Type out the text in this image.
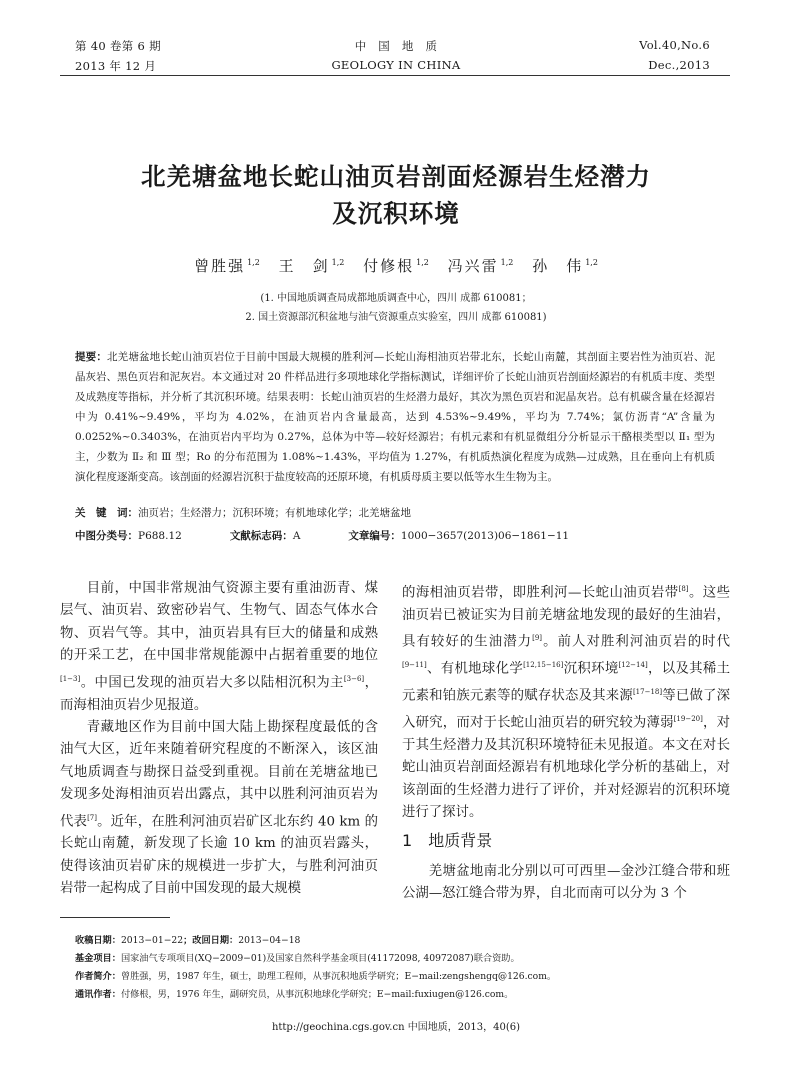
第 40 卷第 6 期
2013 年 12 月
中　国　地　质
GEOLOGY IN CHINA
Vol.40,No.6
Dec.,2013
北羌塘盆地长蛇山油页岩剖面烃源岩生烃潜力
及沉积环境
曾胜强 $^{1,2}$ 王　剑 $^{1,2}$ 付修根 $^{1,2}$ 冯兴雷 $^{1,2}$ 孙　伟 $^{1,2}$
(1. 中国地质调查局成都地质调查中心，四川 成都 610081；
2. 国土资源部沉积盆地与油气资源重点实验室，四川 成都 610081)
提要：北羌塘盆地长蛇山油页岩位于目前中国最大规模的胜利河—长蛇山海相油页岩带北东，长蛇山南麓，其剖面主要岩性为油页岩、泥晶灰岩、黑色页岩和泥灰岩。本文通过对 20 件样品进行多项地球化学指标测试，详细评价了长蛇山油页岩剖面烃源岩的有机质丰度、类型及成熟度等指标，并分析了其沉积环境。结果表明：长蛇山油页岩的生烃潜力最好，其次为黑色页岩和泥晶灰岩。总有机碳含量在烃源岩中为 0.41%~9.49%，平均为 4.02%，在油页岩内含量最高，达到 4.53%~9.49%，平均为 7.74%；氯仿沥青“A”含量为 0.0252%~0.3403%，在油页岩内平均为 0.27%，总体为中等—较好烃源岩；有机元素和有机显微组分分析显示干酪根类型以 Ⅱ₁ 型为主，少数为 Ⅱ₂ 和 Ⅲ 型；Ro 的分布范围为 1.08%~1.43%，平均值为 1.27%，有机质热演化程度为成熟—过成熟，且在垂向上有机质演化程度逐渐变高。该剖面的烃源岩沉积于盐度较高的还原环境，有机质母质主要以低等水生生物为主。
关　键　词：油页岩；生烃潜力；沉积环境；有机地球化学；北羌塘盆地
中图分类号：P688.12	文献标志码：A	文章编号：1000−3657(2013)06−1861−11

目前，中国非常规油气资源主要有重油沥青、煤层气、油页岩、致密砂岩气、生物气、固态气体水合物、页岩气等。其中，油页岩具有巨大的储量和成熟的开采工艺，在中国非常规能源中占据着重要的地位[1−3]。中国已发现的油页岩大多以陆相沉积为主[3−6]，而海相油页岩少见报道。

青藏地区作为目前中国大陆上勘探程度最低的含油气大区，近年来随着研究程度的不断深入，该区油气地质调查与勘探日益受到重视。目前在羌塘盆地已发现多处海相油页岩出露点，其中以胜利河油页岩为代表[7]。近年，在胜利河油页岩矿区北东约 40 km 的长蛇山南麓，新发现了长逾 10 km 的油页岩露头，使得该油页岩矿床的规模进一步扩大，与胜利河油页岩带一起构成了目前中国发现的最大规模

的海相油页岩带，即胜利河—长蛇山油页岩带[8]。这些油页岩已被证实为目前羌塘盆地发现的最好的生油岩，具有较好的生油潜力[9]。前人对胜利河油页岩的时代[9−11]、有机地球化学[12,15−16]沉积环境[12−14]，以及其稀土元素和铂族元素等的赋存状态及其来源[17−18]等已做了深入研究，而对于长蛇山油页岩的研究较为薄弱[19−20]，对于其生烃潜力及其沉积环境特征未见报道。本文在对长蛇山油页岩剖面烃源岩有机地球化学分析的基础上，对该剖面的生烃潜力进行了评价，并对烃源岩的沉积环境进行了探讨。

1 地质背景

羌塘盆地南北分别以可可西里—金沙江缝合带和班公湖—怒江缝合带为界，自北而南可以分为 3 个

收稿日期：2013−01−22；改回日期：2013−04−18
基金项目：国家油气专项项目(XQ−2009−01)及国家自然科学基金项目(41172098, 40972087)联合资助。
作者简介：曾胜强，男，1987 年生，硕士，助理工程师，从事沉积地质学研究；E−mail:zengshengq@126.com。
通讯作者：付修根，男，1976 年生，副研究员，从事沉积地球化学研究；E−mail:fuxiugen@126.com。
http://geochina.cgs.gov.cn 中国地质，2013，40(6)
